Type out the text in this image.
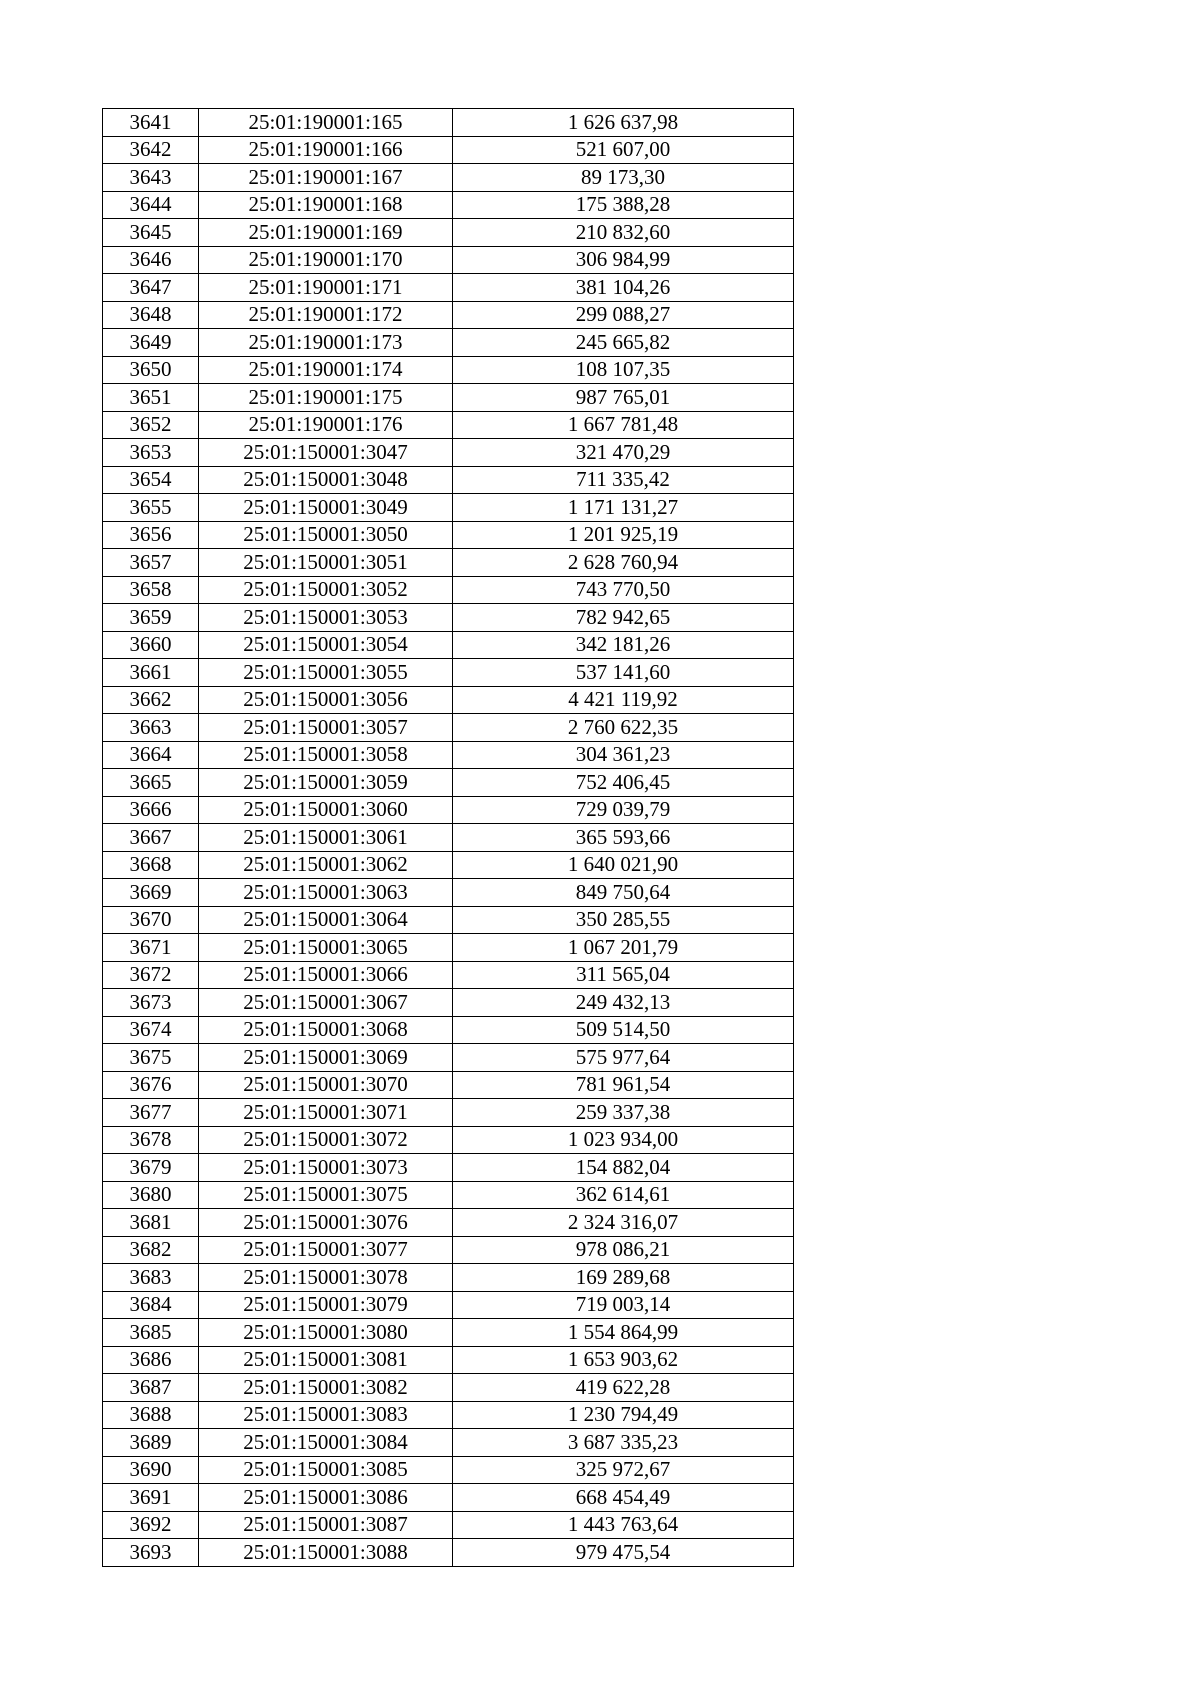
3641	25:01:190001:165	1 626 637,98
3642	25:01:190001:166	521 607,00
3643	25:01:190001:167	89 173,30
3644	25:01:190001:168	175 388,28
3645	25:01:190001:169	210 832,60
3646	25:01:190001:170	306 984,99
3647	25:01:190001:171	381 104,26
3648	25:01:190001:172	299 088,27
3649	25:01:190001:173	245 665,82
3650	25:01:190001:174	108 107,35
3651	25:01:190001:175	987 765,01
3652	25:01:190001:176	1 667 781,48
3653	25:01:150001:3047	321 470,29
3654	25:01:150001:3048	711 335,42
3655	25:01:150001:3049	1 171 131,27
3656	25:01:150001:3050	1 201 925,19
3657	25:01:150001:3051	2 628 760,94
3658	25:01:150001:3052	743 770,50
3659	25:01:150001:3053	782 942,65
3660	25:01:150001:3054	342 181,26
3661	25:01:150001:3055	537 141,60
3662	25:01:150001:3056	4 421 119,92
3663	25:01:150001:3057	2 760 622,35
3664	25:01:150001:3058	304 361,23
3665	25:01:150001:3059	752 406,45
3666	25:01:150001:3060	729 039,79
3667	25:01:150001:3061	365 593,66
3668	25:01:150001:3062	1 640 021,90
3669	25:01:150001:3063	849 750,64
3670	25:01:150001:3064	350 285,55
3671	25:01:150001:3065	1 067 201,79
3672	25:01:150001:3066	311 565,04
3673	25:01:150001:3067	249 432,13
3674	25:01:150001:3068	509 514,50
3675	25:01:150001:3069	575 977,64
3676	25:01:150001:3070	781 961,54
3677	25:01:150001:3071	259 337,38
3678	25:01:150001:3072	1 023 934,00
3679	25:01:150001:3073	154 882,04
3680	25:01:150001:3075	362 614,61
3681	25:01:150001:3076	2 324 316,07
3682	25:01:150001:3077	978 086,21
3683	25:01:150001:3078	169 289,68
3684	25:01:150001:3079	719 003,14
3685	25:01:150001:3080	1 554 864,99
3686	25:01:150001:3081	1 653 903,62
3687	25:01:150001:3082	419 622,28
3688	25:01:150001:3083	1 230 794,49
3689	25:01:150001:3084	3 687 335,23
3690	25:01:150001:3085	325 972,67
3691	25:01:150001:3086	668 454,49
3692	25:01:150001:3087	1 443 763,64
3693	25:01:150001:3088	979 475,54
